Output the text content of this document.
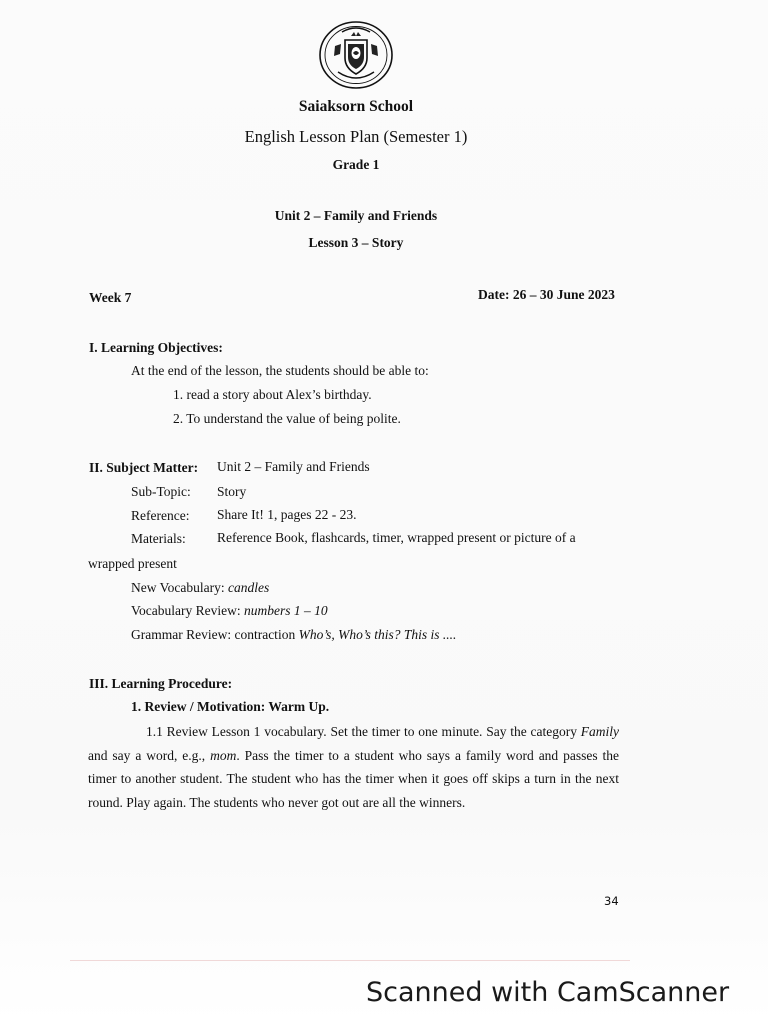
Saiaksorn School
English Lesson Plan (Semester 1)
Grade 1
Unit 2 – Family and Friends
Lesson 3 – Story
Week 7	Date: 26 – 30 June 2023
I. Learning Objectives:
At the end of the lesson, the students should be able to:
1. read a story about Alex’s birthday.
2. To understand the value of being polite.
II. Subject Matter: Unit 2 – Family and Friends
Sub-Topic: Story
Reference: Share It! 1, pages 22 - 23.
Materials: Reference Book, flashcards, timer, wrapped present or picture of a
wrapped present
New Vocabulary: candles
Vocabulary Review: numbers 1 – 10
Grammar Review: contraction Who’s, Who’s this? This is ....
III. Learning Procedure:
1. Review / Motivation: Warm Up.
1.1 Review Lesson 1 vocabulary. Set the timer to one minute. Say the category Family and say a word, e.g., mom. Pass the timer to a student who says a family word and passes the timer to another student. The student who has the timer when it goes off skips a turn in the next round. Play again. The students who never got out are all the winners.
34
Scanned with CamScanner
